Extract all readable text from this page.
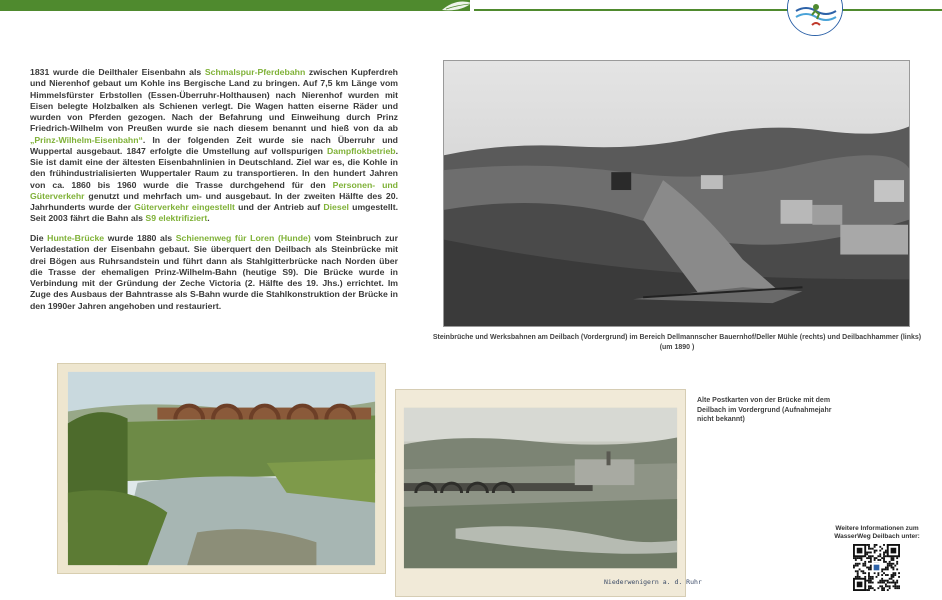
1831 wurde die Deilthaler Eisenbahn als Schmalspur-Pferdebahn zwischen Kupferdreh und Nierenhof gebaut um Kohle ins Bergische Land zu bringen. Auf 7,5 km Länge vom Himmelsfürster Erbstollen (Essen-Überruhr-Holthausen) nach Nierenhof wurden mit Eisen belegte Holzbalken als Schienen verlegt. Die Wagen hatten eiserne Räder und wurden von Pferden gezogen. Nach der Befahrung und Einweihung durch Prinz Friedrich-Wilhelm von Preußen wurde sie nach diesem benannt und hieß von da ab „Prinz-Wilhelm-Eisenbahn“. In der folgenden Zeit wurde sie nach Überruhr und Wuppertal ausgebaut. 1847 erfolgte die Umstellung auf vollspurigen Dampflokbetrieb. Sie ist damit eine der ältesten Eisenbahnlinien in Deutschland. Ziel war es, die Kohle in den frühindustrialisierten Wuppertaler Raum zu transportieren. In den hundert Jahren von ca. 1860 bis 1960 wurde die Trasse durchgehend für den Personen- und Güterverkehr genutzt und mehrfach um- und ausgebaut. In der zweiten Hälfte des 20. Jahrhunderts wurde der Güterverkehr eingestellt und der Antrieb auf Diesel umgestellt. Seit 2003 fährt die Bahn als S9 elektrifiziert.

Die Hunte-Brücke wurde 1880 als Schienenweg für Loren (Hunde) vom Steinbruch zur Verladestation der Eisenbahn gebaut. Sie überquert den Deilbach als Steinbrücke mit drei Bögen aus Ruhrsandstein und führt dann als Stahlgitterbrücke nach Norden über die Trasse der ehemaligen Prinz-Wilhelm-Bahn (heutige S9). Die Brücke wurde in Verbindung mit der Gründung der Zeche Victoria (2. Hälfte des 19. Jhs.) errichtet. Im Zuge des Ausbaus der Bahntrasse als S-Bahn wurde die Stahlkonstruktion der Brücke in den 1990er Jahren angehoben und restauriert.

Steinbrüche und Werksbahnen am Deilbach (Vordergrund) im Bereich Dellmannscher Bauernhof/Deller Mühle (rechts) und Deilbachhammer (links) (um 1890 )
Niederwenigern a. d. Ruhr
Alte Postkarten von der Brücke mit dem Deilbach im Vordergrund (Aufnahmejahr nicht bekannt)
Weitere Informationen zum WasserWeg Deilbach unter:
